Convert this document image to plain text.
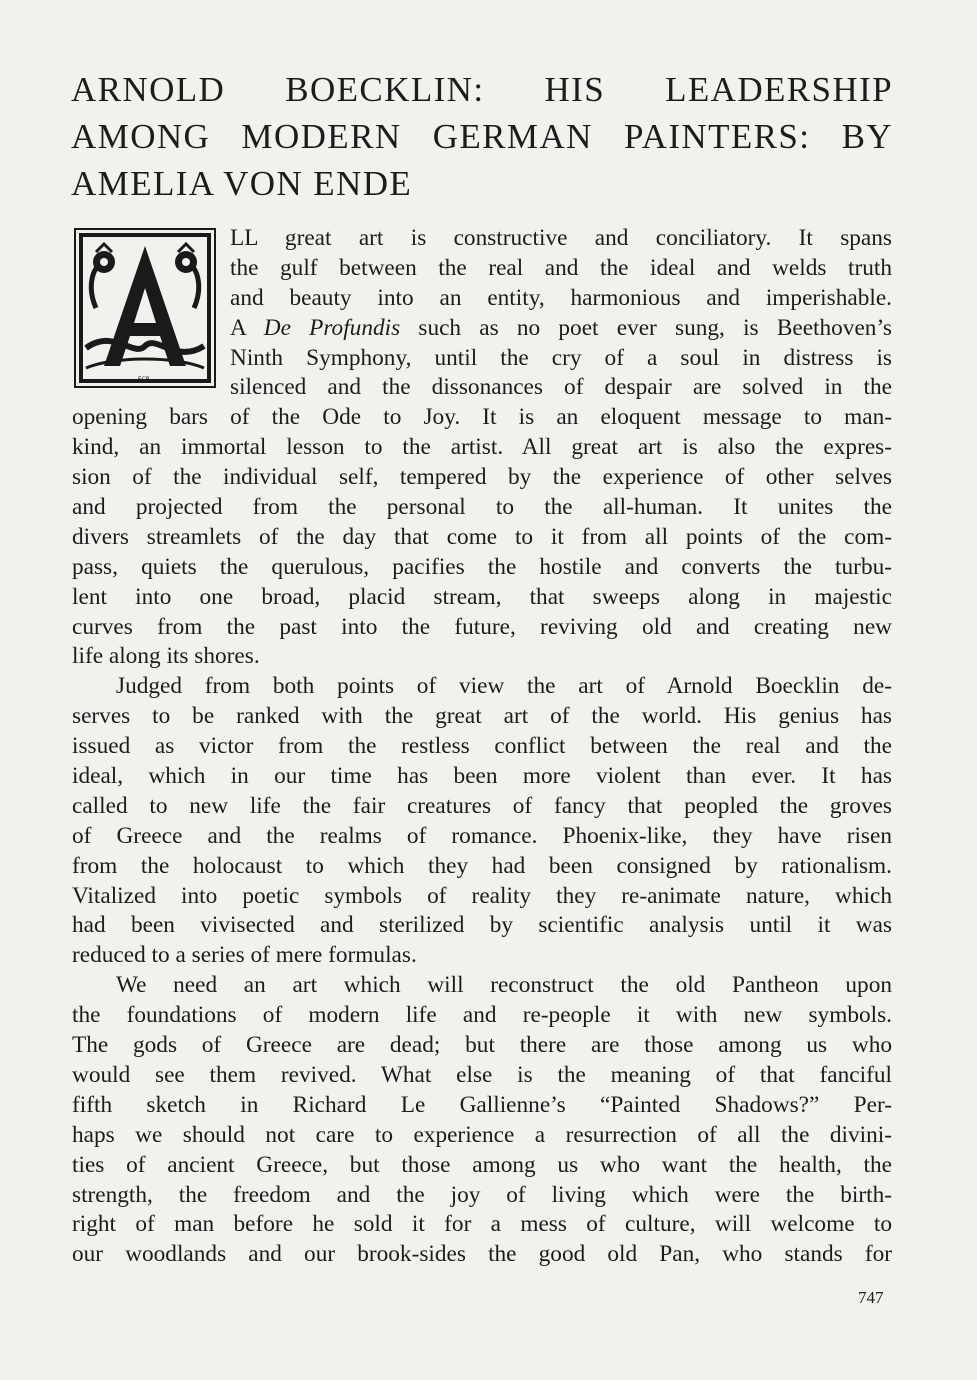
ARNOLD BOECKLIN: HIS LEADERSHIP
AMONG MODERN GERMAN PAINTERS: BY
AMELIA VON ENDE
FCB
LL great art is constructive and conciliatory. It spans
the gulf between the real and the ideal and welds truth
and beauty into an entity, harmonious and imperishable.
A De Profundis such as no poet ever sung, is Beethoven’s
Ninth Symphony, until the cry of a soul in distress is
silenced and the dissonances of despair are solved in the
opening bars of the Ode to Joy. It is an eloquent message to man-
kind, an immortal lesson to the artist. All great art is also the expres-
sion of the individual self, tempered by the experience of other selves
and projected from the personal to the all-human. It unites the
divers streamlets of the day that come to it from all points of the com-
pass, quiets the querulous, pacifies the hostile and converts the turbu-
lent into one broad, placid stream, that sweeps along in majestic
curves from the past into the future, reviving old and creating new
life along its shores.
Judged from both points of view the art of Arnold Boecklin de-
serves to be ranked with the great art of the world. His genius has
issued as victor from the restless conflict between the real and the
ideal, which in our time has been more violent than ever. It has
called to new life the fair creatures of fancy that peopled the groves
of Greece and the realms of romance. Phoenix-like, they have risen
from the holocaust to which they had been consigned by rationalism.
Vitalized into poetic symbols of reality they re-animate nature, which
had been vivisected and sterilized by scientific analysis until it was
reduced to a series of mere formulas.
We need an art which will reconstruct the old Pantheon upon
the foundations of modern life and re-people it with new symbols.
The gods of Greece are dead; but there are those among us who
would see them revived. What else is the meaning of that fanciful
fifth sketch in Richard Le Gallienne’s “Painted Shadows?” Per-
haps we should not care to experience a resurrection of all the divini-
ties of ancient Greece, but those among us who want the health, the
strength, the freedom and the joy of living which were the birth-
right of man before he sold it for a mess of culture, will welcome to
our woodlands and our brook-sides the good old Pan, who stands for
747
